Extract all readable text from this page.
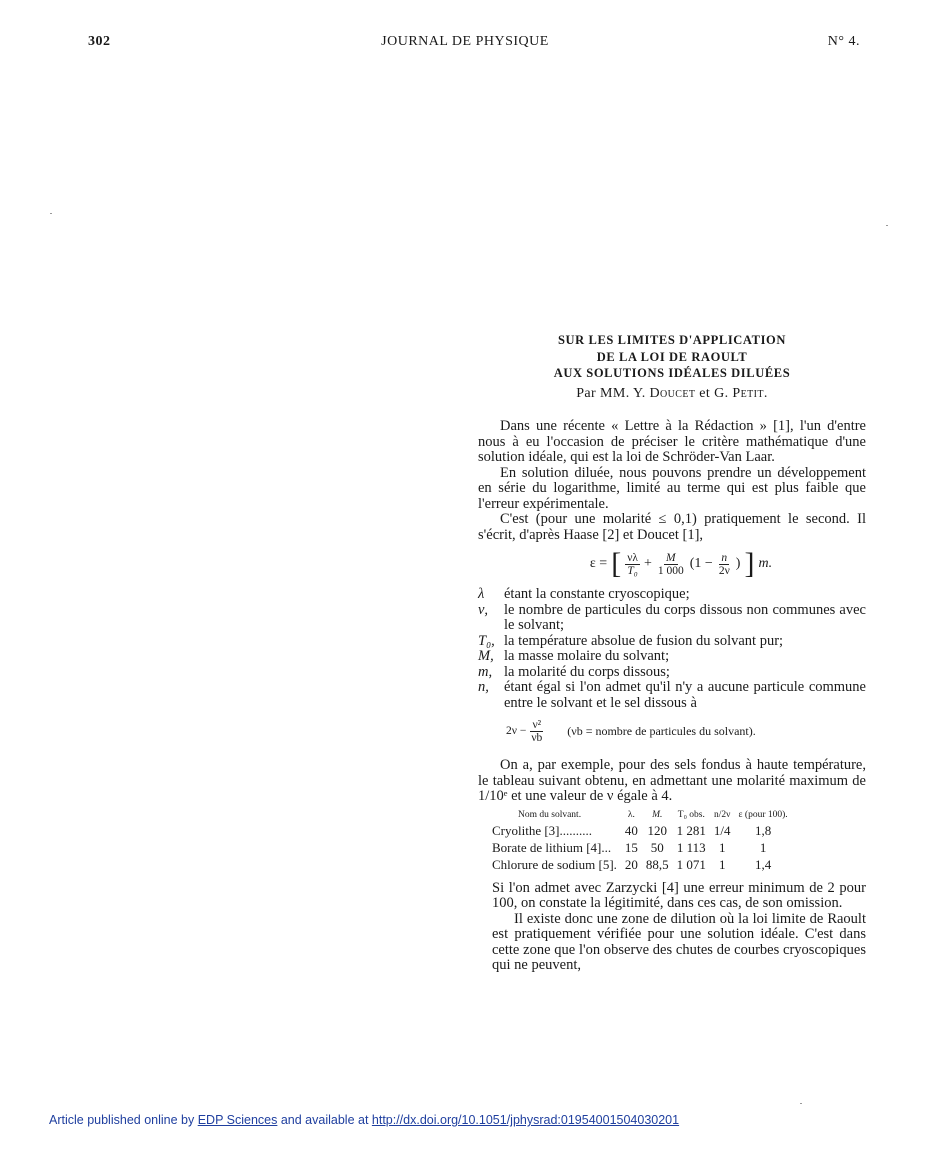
302	JOURNAL DE PHYSIQUE	N° 4.
SUR LES LIMITES D'APPLICATION
DE LA LOI DE RAOULT
AUX SOLUTIONS IDÉALES DILUÉES
Par MM. Y. Doucet et G. Petit.

Dans une récente « Lettre à la Rédaction » [1], l'un d'entre nous à eu l'occasion de préciser le critère mathématique d'une solution idéale, qui est la loi de Schröder-Van Laar.

En solution diluée, nous pouvons prendre un développement en série du logarithme, limité au terme qui est plus faible que l'erreur expérimentale.

C'est (pour une molarité ≤ 0,1) pratiquement le second. Il s'écrit, d'après Haase [2] et Doucet [1],

ε = [ $\frac{\nu\lambda}{\text{T₀}} + \frac{M}{1 000} (1 - \frac{n}{2\nu}$ ) ] m.
λ	étant la constante cryoscopique;
ν,	le nombre de particules du corps dissous non communes avec le solvant;
T₀, la température absolue de fusion du solvant pur;
M, la masse molaire du solvant;
m, la molarité du corps dissous;
n,	étant égal si l'on admet qu'il n'y a aucune particule commune entre le solvant et le sel dissous à
$2\nu - \frac{\text{ν²}}{\nu b} (\nu b$ = nombre de particules du solvant).

On a, par exemple, pour des sels fondus à haute température, le tableau suivant obtenu, en admettant une molarité maximum de 1/10ᵉ et une valeur de ν égale à 4.

Nom du solvant.	λ.	M.	T₀ obs.	n/2ν	ε (pour 100).
Cryolithe [3]..........	40	120	1 281	1/4	1,8
Borate de lithium [4]...	15	50	1 113	1	1
Chlorure de sodium [5].	20	88,5	1 071	1	1,4

Si l'on admet avec Zarzycki [4] une erreur minimum de 2 pour 100, on constate la légitimité, dans ces cas, de son omission.

Il existe donc une zone de dilution où la loi limite de Raoult est pratiquement vérifiée pour une solution idéale. C'est dans cette zone que l'on observe des chutes de courbes cryoscopiques qui ne peuvent,

Article published online by EDP Sciences and available at http://dx.doi.org/10.1051/jphysrad:01954001504030201
